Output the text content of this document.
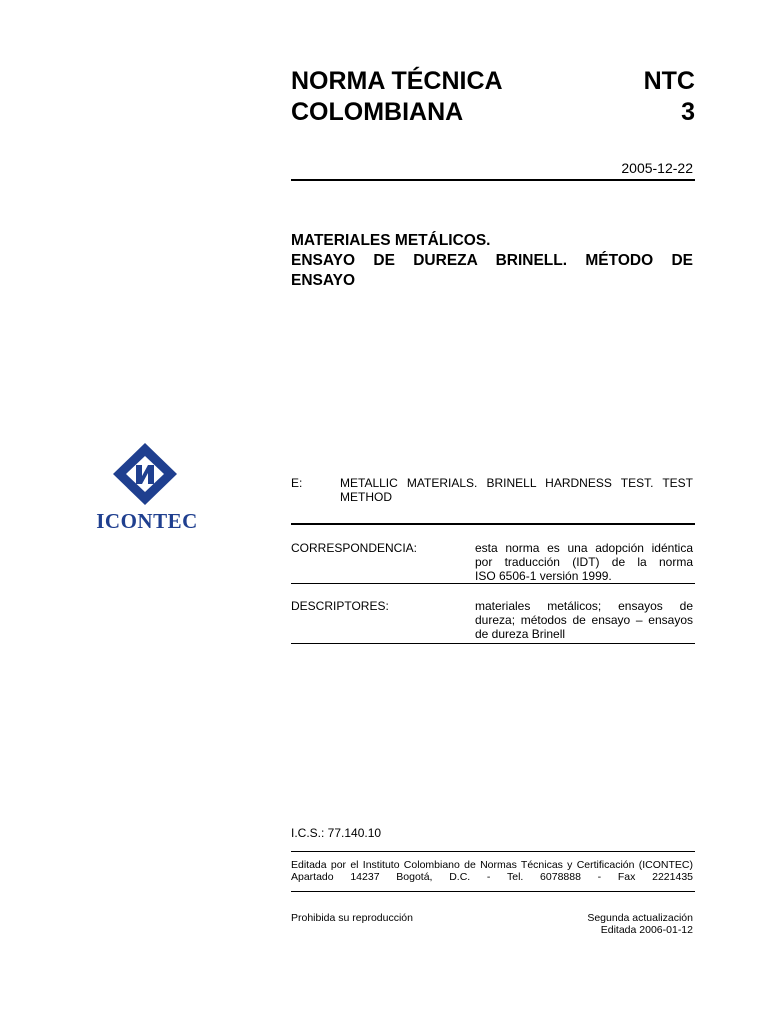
NORMA TÉCNICA
COLOMBIANA
NTC
3
2005-12-22
MATERIALES METÁLICOS.
ENSAYO DE DUREZA BRINELL. MÉTODO DE
ENSAYO
ICONTEC
E:	METALLIC MATERIALS. BRINELL HARDNESS TEST. TEST
METHOD
CORRESPONDENCIA:	esta norma es una adopción idéntica
por traducción (IDT) de la norma
ISO 6506-1 versión 1999.
DESCRIPTORES:	materiales metálicos; ensayos de
dureza; métodos de ensayo – ensayos
de dureza Brinell
I.C.S.: 77.140.10
Editada por el Instituto Colombiano de Normas Técnicas y Certificación (ICONTEC)
Apartado 14237 Bogotá, D.C. - Tel. 6078888 - Fax 2221435
Prohibida su reproducción	Segunda actualización
Editada 2006-01-12
